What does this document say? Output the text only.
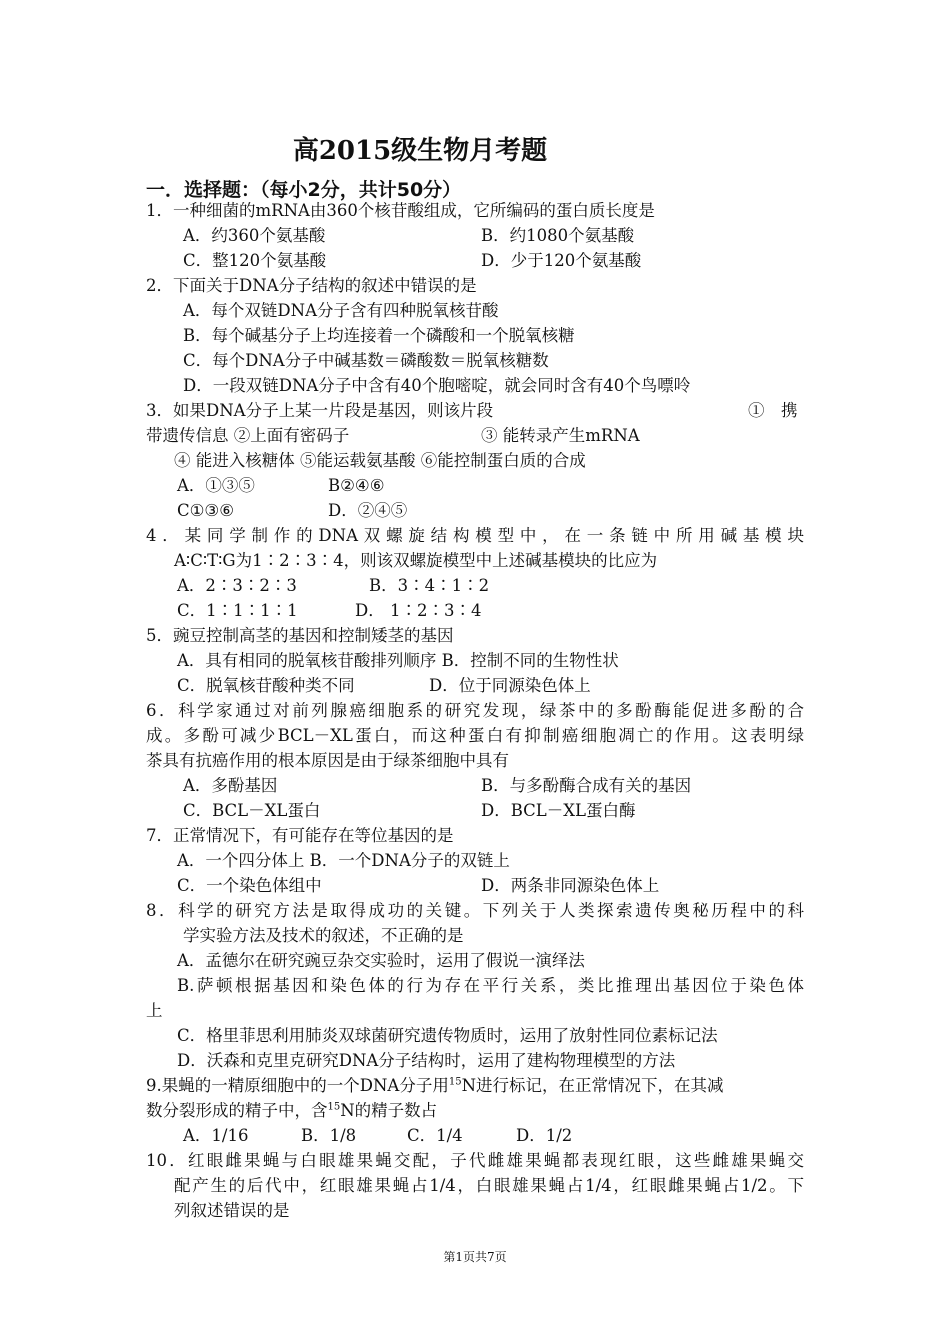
高2015级生物月考题
一．选择题：（每小2分，共计50分）
1．一种细菌的mRNA由360个核苷酸组成，它所编码的蛋白质长度是
A．约360个氨基酸	B．约1080个氨基酸
C．整120个氨基酸	D．少于120个氨基酸
2．下面关于DNA分子结构的叙述中错误的是
A．每个双链DNA分子含有四种脱氧核苷酸
B．每个碱基分子上均连接着一个磷酸和一个脱氧核糖
C．每个DNA分子中碱基数＝磷酸数＝脱氧核糖数
D．一段双链DNA分子中含有40个胞嘧啶，就会同时含有40个鸟嘌呤
3．如果DNA分子上某一片段是基因，则该片段	①　携
带遗传信息 ②上面有密码子	③ 能转录产生mRNA
④ 能进入核糖体 ⑤能运载氨基酸 ⑥能控制蛋白质的合成
A．①③⑤	B②④⑥
C①③⑥	D．②④⑤
4．某同学制作的DNA双螺旋结构模型中，在一条链中所用碱基模块
A∶C∶T∶G为1∶2∶3∶4，则该双螺旋模型中上述碱基模块的比应为
A．2∶3∶2∶3	B．3∶4∶1∶2
C．1∶1∶1∶1	D． 1∶2∶3∶4
5．豌豆控制高茎的基因和控制矮茎的基因
A．具有相同的脱氧核苷酸排列顺序 B．控制不同的生物性状
C．脱氧核苷酸种类不同	D．位于同源染色体上
6．科学家通过对前列腺癌细胞系的研究发现，绿茶中的多酚酶能促进多酚的合
成。多酚可减少BCL－XL蛋白，而这种蛋白有抑制癌细胞凋亡的作用。这表明绿
茶具有抗癌作用的根本原因是由于绿茶细胞中具有
A．多酚基因	B．与多酚酶合成有关的基因
C．BCL－XL蛋白	D．BCL－XL蛋白酶
7．正常情况下，有可能存在等位基因的是
A．一个四分体上 B．一个DNA分子的双链上
C．一个染色体组中	D．两条非同源染色体上
8．科学的研究方法是取得成功的关键。下列关于人类探索遗传奥秘历程中的科
学实验方法及技术的叙述，不正确的是
A．孟德尔在研究豌豆杂交实验时，运用了假说一演绎法
B.萨顿根据基因和染色体的行为存在平行关系，类比推理出基因位于染色体
上
C．格里菲思利用肺炎双球菌研究遗传物质时，运用了放射性同位素标记法
D．沃森和克里克研究DNA分子结构时，运用了建构物理模型的方法
9.果蝇的一精原细胞中的一个DNA分子用$^{15}$N进行标记，在正常情况下，在其减
数分裂形成的精子中，含$^{15}$N的精子数占
A．1/16	B．1/8	C．1/4	D．1/2
10．红眼雌果蝇与白眼雄果蝇交配，子代雌雄果蝇都表现红眼，这些雌雄果蝇交
配产生的后代中，红眼雄果蝇占1/4，白眼雄果蝇占1/4，红眼雌果蝇占1/2。下
列叙述错误的是
第1页共7页
